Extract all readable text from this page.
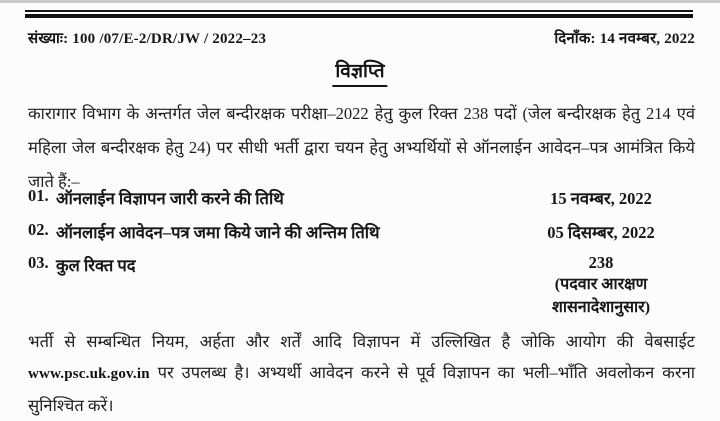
संख्याः: 100 /07/E-2/DR/JW / 2022–23	दिनाँक: 14 नवम्बर, 2022
विज्ञप्ति

कारागार विभाग के अन्तर्गत जेल बन्दीरक्षक परीक्षा–2022 हेतु कुल रिक्त 238 पदों (जेल बन्दीरक्षक हेतु 214 एवं महिला जेल बन्दीरक्षक हेतु 24) पर सीधी भर्ती द्वारा चयन हेतु अभ्यर्थियों से ऑनलाईन आवेदन–पत्र आमंत्रित किये जाते हैं:–

01. ऑनलाईन विज्ञापन जारी करने की तिथि	15 नवम्बर, 2022
02. ऑनलाईन आवेदन–पत्र जमा किये जाने की अन्तिम तिथि	05 दिसम्बर, 2022
03. कुल रिक्त पद	238
(पदवार आरक्षण
शासनादेशानुसार)

भर्ती से सम्बन्धित नियम, अर्हता और शर्तें आदि विज्ञापन में उल्लिखित है जोकि आयोग की वेबसाईट www.psc.uk.gov.in पर उपलब्ध है। अभ्यर्थी आवेदन करने से पूर्व विज्ञापन का भली–भाँति अवलोकन करना सुनिश्चित करें।
